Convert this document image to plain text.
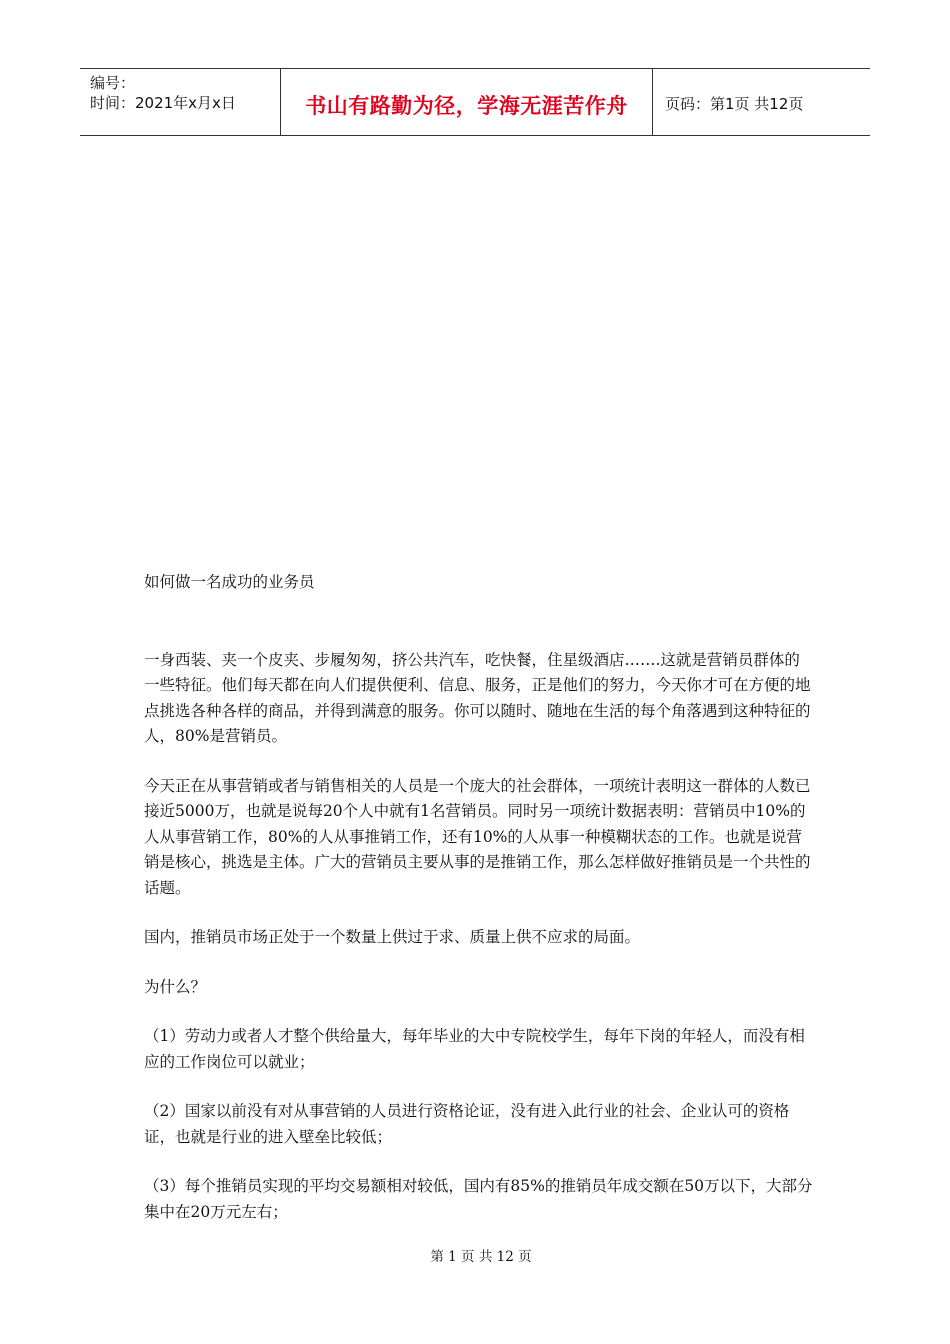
编号：
时间：2021年x月x日	书山有路勤为径，学海无涯苦作舟	页码：第1页 共12页

如何做一名成功的业务员

一身西装、夹一个皮夹、步履匆匆，挤公共汽车，吃快餐，住星级酒店…….这就是营销员群体的一些特征。他们每天都在向人们提供便利、信息、服务，正是他们的努力，今天你才可在方便的地点挑选各种各样的商品，并得到满意的服务。你可以随时、随地在生活的每个角落遇到这种特征的人，80%是营销员。

今天正在从事营销或者与销售相关的人员是一个庞大的社会群体，一项统计表明这一群体的人数已接近5000万，也就是说每20个人中就有1名营销员。同时另一项统计数据表明：营销员中10%的人从事营销工作，80%的人从事推销工作，还有10%的人从事一种模糊状态的工作。也就是说营销是核心，挑选是主体。广大的营销员主要从事的是推销工作，那么怎样做好推销员是一个共性的话题。

国内，推销员市场正处于一个数量上供过于求、质量上供不应求的局面。

为什么？

（1）劳动力或者人才整个供给量大，每年毕业的大中专院校学生，每年下岗的年轻人，而没有相应的工作岗位可以就业；

（2）国家以前没有对从事营销的人员进行资格论证，没有进入此行业的社会、企业认可的资格证，也就是行业的进入壁垒比较低；

（3）每个推销员实现的平均交易额相对较低，国内有85%的推销员年成交额在50万以下，大部分集中在20万元左右；

第 1 页 共 12 页
